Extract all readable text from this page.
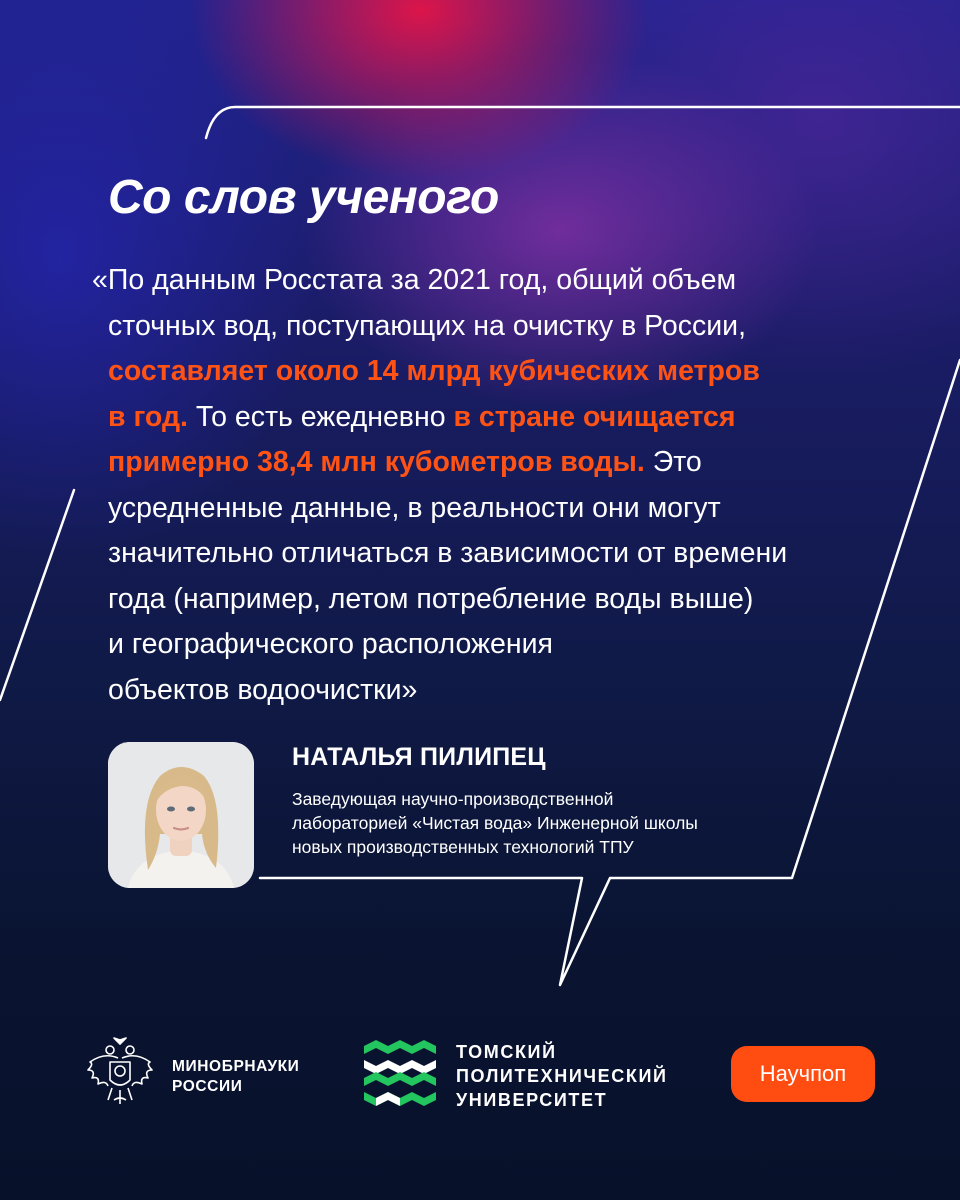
Со слов ученого
«По данным Росстата за 2021 год, общий объем
сточных вод, поступающих на очистку в России,
составляет около 14 млрд кубических метров
в год. То есть ежедневно в стране очищается
примерно 38,4 млн кубометров воды. Это
усредненные данные, в реальности они могут
значительно отличаться в зависимости от времени
года (например, летом потребление воды выше)
и географического расположения
объектов водоочистки»
НАТАЛЬЯ ПИЛИПЕЦ
Заведующая научно-производственной
лабораторией «Чистая вода» Инженерной школы
новых производственных технологий ТПУ
МИНОБРНАУКИ
РОССИИ
ТОМСКИЙ
ПОЛИТЕХНИЧЕСКИЙ
УНИВЕРСИТЕТ
Научпоп
